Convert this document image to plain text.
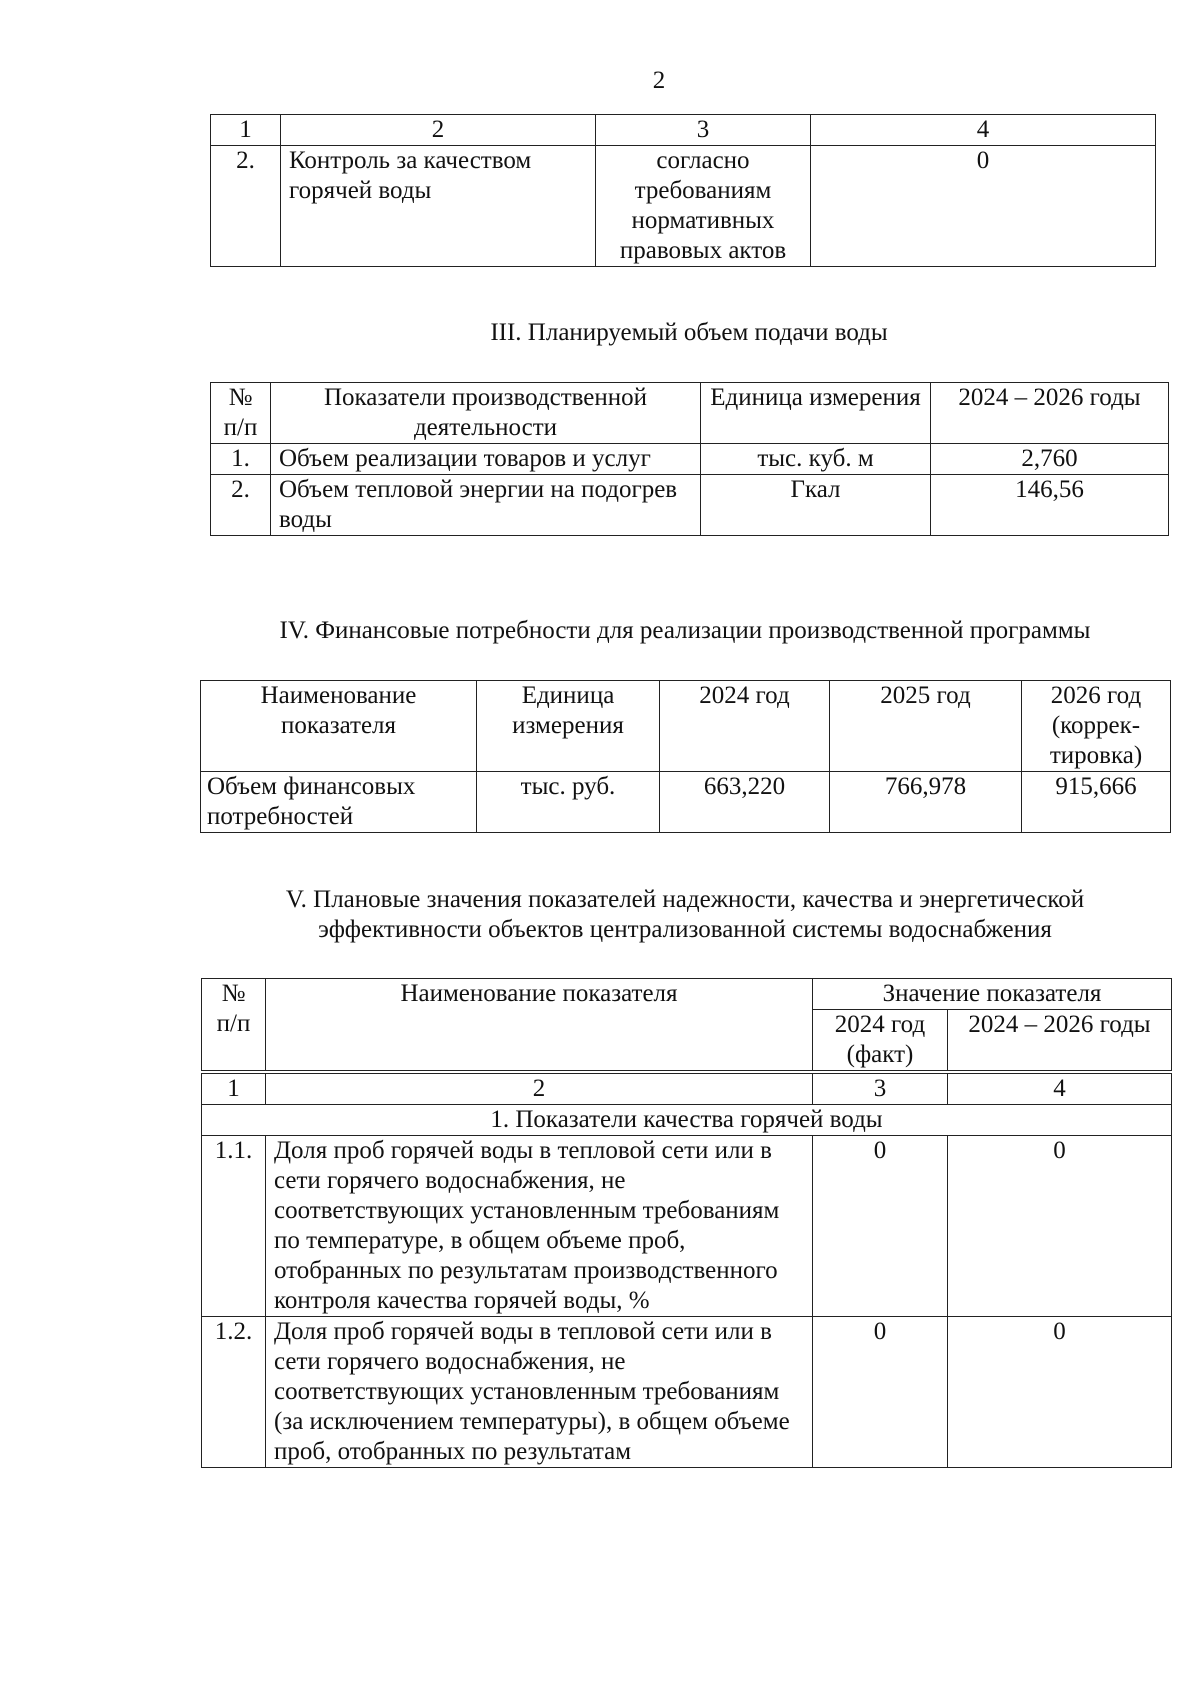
2
1	2	3	4
2.	Контроль за качеством горячей воды	согласно требованиям нормативных правовых актов	0
III. Планируемый объем подачи воды
№ п/п	Показатели производственной деятельности	Единица измерения	2024 – 2026 годы
1.	Объем реализации товаров и услуг	тыс. куб. м	2,760
2.	Объем тепловой энергии на подогрев воды	Гкал	146,56
IV. Финансовые потребности для реализации производственной программы
Наименование показателя	Единица измерения	2024 год	2025 год	2026 год (коррек-тировка)
Объем финансовых потребностей	тыс. руб.	663,220	766,978	915,666
V. Плановые значения показателей надежности, качества и энергетической
эффективности объектов централизованной системы водоснабжения
№ п/п	Наименование показателя	Значение показателя	
		2024 год (факт)	2024 – 2026 годы
1	2	3	4
1. Показатели качества горячей воды			
1.1.	Доля проб горячей воды в тепловой сети или в сети горячего водоснабжения, не соответствующих установленным требованиям по температуре, в общем объеме проб, отобранных по результатам производственного контроля качества горячей воды, %	0	0
1.2.	Доля проб горячей воды в тепловой сети или в сети горячего водоснабжения, не соответствующих установленным требованиям (за исключением температуры), в общем объеме проб, отобранных по результатам	0	0
